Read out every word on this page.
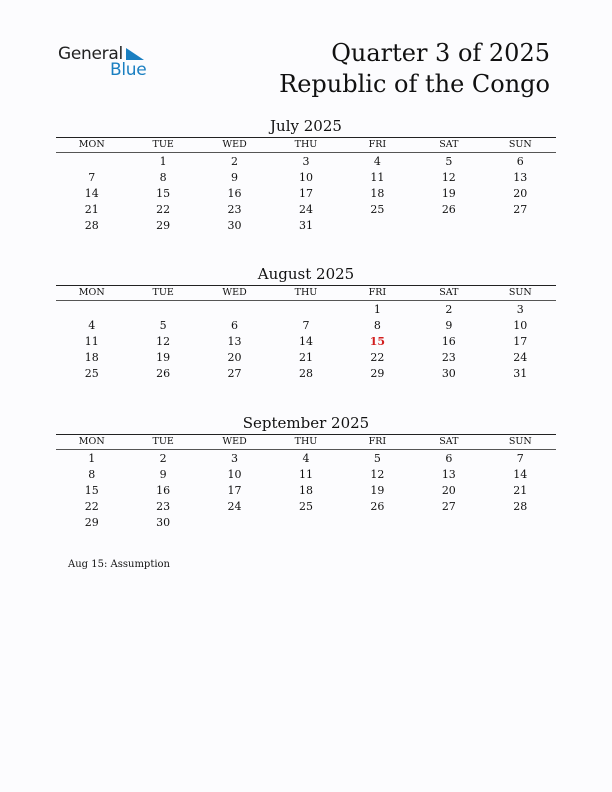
General
Blue
Quarter 3 of 2025
Republic of the Congo
July 2025
MON	TUE	WED	THU	FRI	SAT	SUN

	1	2	3	4	5	6
7	8	9	10	11	12	13
14	15	16	17	18	19	20
21	22	23	24	25	26	27
28	29	30	31			
August 2025
MON	TUE	WED	THU	FRI	SAT	SUN

				1	2	3
4	5	6	7	8	9	10
11	12	13	14	15	16	17
18	19	20	21	22	23	24
25	26	27	28	29	30	31
September 2025
MON	TUE	WED	THU	FRI	SAT	SUN

1	2	3	4	5	6	7
8	9	10	11	12	13	14
15	16	17	18	19	20	21
22	23	24	25	26	27	28
29	30					
Aug 15: Assumption
